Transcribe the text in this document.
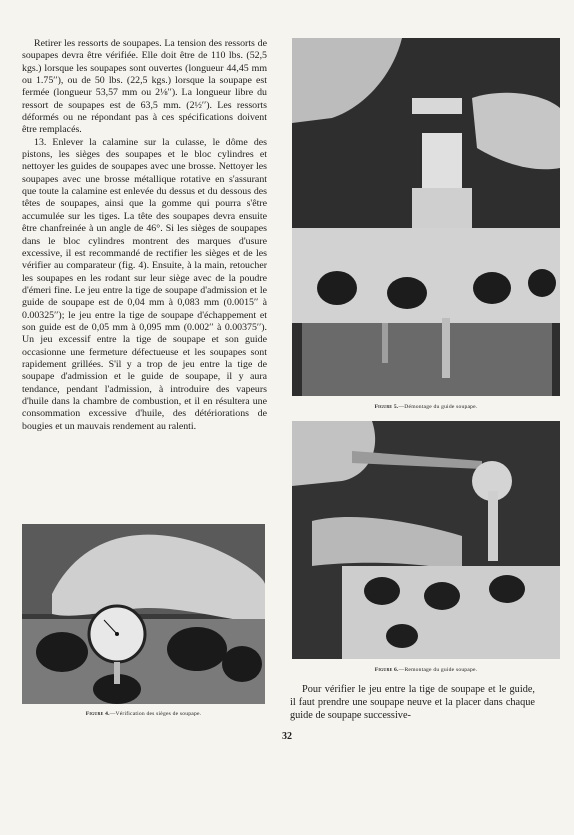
Retirer les ressorts de soupapes. La tension des ressorts de soupapes devra être vérifiée. Elle doit être de 110 lbs. (52,5 kgs.) lorsque les soupapes sont ouvertes (longueur 44,45 mm ou 1.75′′), ou de 50 lbs. (22,5 kgs.) lorsque la soupape est fermée (longueur 53,57 mm ou 2⅛′′). La longueur libre du ressort de soupapes est de 63,5 mm. (2½′′). Les ressorts déformés ou ne répondant pas à ces spécifications doivent être remplacés.

13. Enlever la calamine sur la culasse, le dôme des pistons, les sièges des soupapes et le bloc cylindres et nettoyer les guides de soupapes avec une brosse. Nettoyer les soupapes avec une brosse métallique rotative en s'assurant que toute la calamine est enlevée du dessus et du dessous des têtes de soupapes, ainsi que la gomme qui pourra s'être accumulée sur les tiges. La tête des soupapes devra ensuite être chanfreinée à un angle de 46°. Si les sièges de soupapes dans le bloc cylindres montrent des marques d'usure excessive, il est recommandé de rectifier les sièges et de les vérifier au comparateur (fig. 4). Ensuite, à la main, retoucher les soupapes en les rodant sur leur siège avec de la poudre d'émeri fine. Le jeu entre la tige de soupape d'admission et le guide de soupape est de 0,04 mm à 0,083 mm (0.0015′′ à 0.00325′′); le jeu entre la tige de soupape d'échappement et son guide est de 0,05 mm à 0,095 mm (0.002′′ à 0.00375′′). Un jeu excessif entre la tige de soupape et son guide occasionne une fermeture défectueuse et les soupapes sont rapidement grillées. S'il y a trop de jeu entre la tige de soupape d'admission et le guide de soupape, il y aura tendance, pendant l'admission, à introduire des vapeurs d'huile dans la chambre de combustion, et il en résultera une consommation excessive d'huile, des détériorations de bougies et un mauvais rendement au ralenti.

Figure 4.—Vérification des sièges de soupape.
Figure 5.—Démontage du guide soupape.
Figure 6.—Remontage du guide soupape.

Pour vérifier le jeu entre la tige de soupape et le guide, il faut prendre une soupape neuve et la placer dans chaque guide de soupape successive-

32
